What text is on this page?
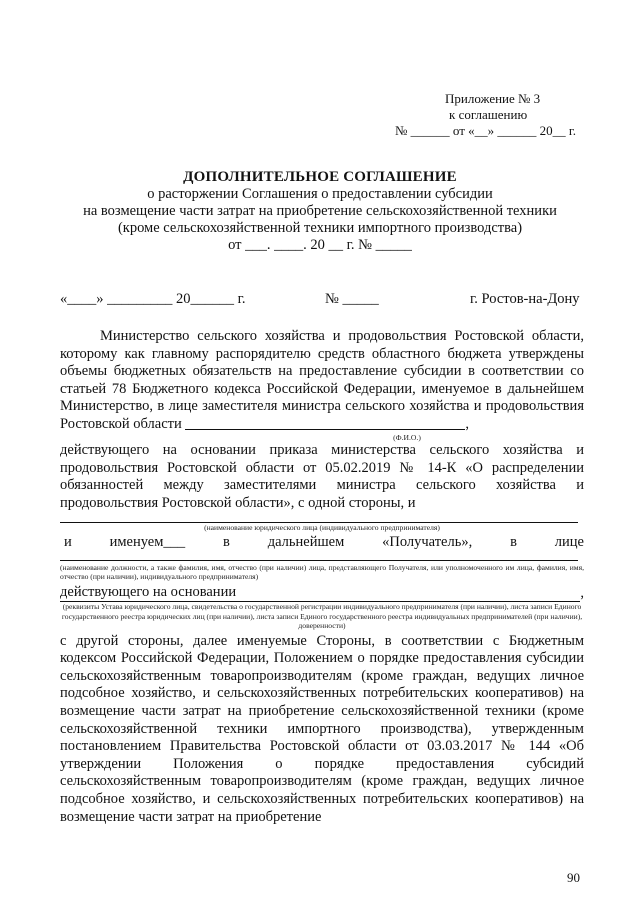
Приложение № 3
к соглашению
№ ______ от «__» ______ 20__ г.
ДОПОЛНИТЕЛЬНОЕ СОГЛАШЕНИЕ
о расторжении Соглашения о предоставлении субсидии
на возмещение части затрат на приобретение сельскохозяйственной техники
(кроме сельскохозяйственной техники импортного производства)
от ___. ____. 20 __ г. № _____
«____» _________ 20______ г.	№ _____	г. Ростов-на-Дону

Министерство сельского хозяйства и продовольствия Ростовской области, которому как главному распорядителю средств областного бюджета утверждены объемы бюджетных обязательств на предоставление субсидии в соответствии со статьей 78 Бюджетного кодекса Российской Федерации, именуемое в дальнейшем Министерство, в лице заместителя министра сельского хозяйства и продовольствия Ростовской области	,

(Ф.И.О.)

действующего на основании приказа министерства сельского хозяйства и продовольствия Ростовской области от 05.02.2019 № 14-К «О распределении обязанностей между заместителями министра сельского хозяйства и продовольствия Ростовской области», с одной стороны, и

(наименование юридического лица (индивидуального предпринимателя)
и	именуем___	в	дальнейшем	«Получатель»,	в	лице
(наименование должности, а также фамилия, имя, отчество (при наличии) лица, представляющего Получателя, или уполномоченного им лица, фамилия, имя, отчество (при наличии), индивидуального предпринимателя)
действующего на основании	,
(реквизиты Устава юридического лица, свидетельства о государственной регистрации индивидуального предпринимателя (при наличии), листа записи Единого государственного реестра юридических лиц (при наличии), листа записи Единого государственного реестра индивидуальных предпринимателей (при наличии), доверенности)

с другой стороны, далее именуемые Стороны, в соответствии с Бюджетным кодексом Российской Федерации, Положением о порядке предоставления субсидии сельскохозяйственным товаропроизводителям (кроме граждан, ведущих личное подсобное хозяйство, и сельскохозяйственных потребительских кооперативов) на возмещение части затрат на приобретение сельскохозяйственной техники (кроме сельскохозяйственной техники импортного производства), утвержденным постановлением Правительства Ростовской области от 03.03.2017 № 144 «Об утверждении Положения о порядке предоставления субсидий сельскохозяйственным товаропроизводителям (кроме граждан, ведущих личное подсобное хозяйство, и сельскохозяйственных потребительских кооперативов) на возмещение части затрат на приобретение

90
